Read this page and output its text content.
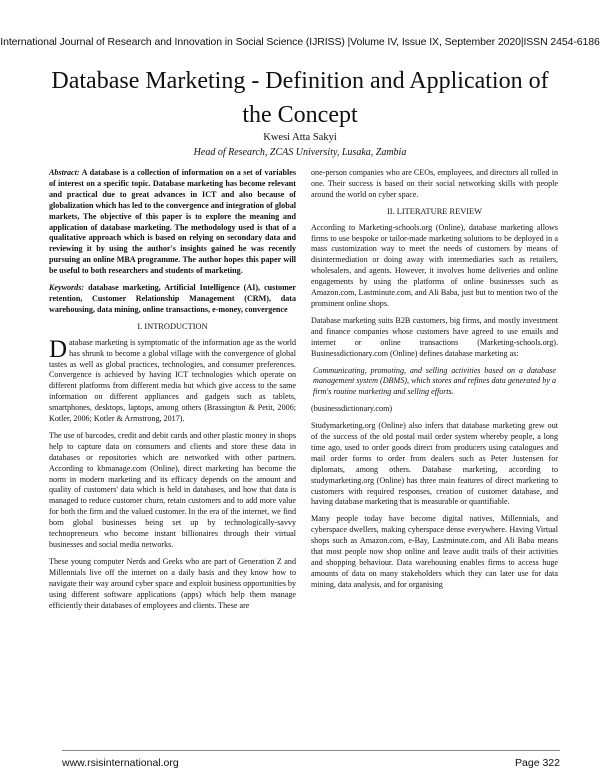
International Journal of Research and Innovation in Social Science (IJRISS) |Volume IV, Issue IX, September 2020|ISSN 2454-6186
Database Marketing - Definition and Application of the Concept
Kwesi Atta Sakyi
Head of Research, ZCAS University, Lusaka, Zambia

Abstract: A database is a collection of information on a set of variables of interest on a specific topic. Database marketing has become relevant and practical due to great advances in ICT and also because of globalization which has led to the convergence and integration of global markets, The objective of this paper is to explore the meaning and application of database marketing. The methodology used is that of a qualitative approach which is based on relying on secondary data and reviewing it by using the author's insights gained he was recently pursuing an online MBA programme. The author hopes this paper will be useful to both researchers and students of marketing.

Keywords: database marketing, Artificial Intelligence (AI), customer retention, Customer Relationship Management (CRM), data warehousing, data mining, online transactions, e-money, convergence

I. INTRODUCTION

Database marketing is symptomatic of the information age as the world has shrunk to become a global village with the convergence of global tastes as well as global practices, technologies, and consumer preferences. Convergence is achieved by having ICT technologies which operate on different platforms from different media but which give access to the same information on different appliances and gadgets such as tablets, smartphones, desktops, laptops, among others (Brassington & Petit, 2006; Kotler, 2006; Kotler & Armstrong, 2017).

The use of barcodes, credit and debit cards and other plastic money in shops help to capture data on consumers and clients and store these data in databases or repositories which are networked with other partners. According to kbmanage.com (Online), direct marketing has become the norm in modern marketing and its efficacy depends on the amount and quality of customers' data which is held in databases, and how that data is managed to reduce customer churn, retain customers and to add more value for both the firm and the valued customer. In the era of the internet, we find born global businesses being set up by technologically-savvy technopreneurs who become instant billionaires through their virtual businesses and social media networks.

These young computer Nerds and Geeks who are part of Generation Z and Millennials live off the internet on a daily basis and they know how to navigate their way around cyber space and exploit business opportunities by using different software applications (apps) which help them manage efficiently their databases of employees and clients. These are

one-person companies who are CEOs, employees, and directors all rolled in one. Their success is based on their social networking skills with people around the world on cyber space.

II. LITERATURE REVIEW

According to Marketing-schools.org (Online), database marketing allows firms to use bespoke or tailor-made marketing solutions to be deployed in a mass customization way to meet the needs of customers by means of disintermediation or doing away with intermediaries such as retailers, wholesalers, and agents. However, it involves home deliveries and online engagements by using the platforms of online businesses such as Amazon.com, Lastminute.com, and Ali Baba, just but to mention two of the prominent online shops.

Database marketing suits B2B customers, big firms, and mostly investment and finance companies whose customers have agreed to use emails and internet or online transactions (Marketing-schools.org). Businessdictionary.com (Online) defines database marketing as:

Communicating, promoting, and selling activities based on a database management system (DBMS), which stores and refines data generated by a firm's routine marketing and selling efforts.

(businessdictionary.com)

Studymarketing.org (Online) also infers that database marketing grew out of the success of the old postal mail order system whereby people, a long time ago, used to order goods direct from producers using catalogues and mail order forms to order from dealers such as Peter Justensen for diplomats, among others. Database marketing, according to studymarketing.org (Online) has three main features of direct marketing to customers with required responses, creation of customer database, and having database marketing that is measurable or quantifiable.

Many people today have become digital natives, Millennials, and cyberspace dwellers, making cyberspace dense everywhere. Having Virtual shops such as Amazon.com, e-Bay, Lastminute.com, and Ali Baba means that most people now shop online and leave audit trails of their activities and shopping behaviour. Data warehousing enables firms to access huge amounts of data on many stakeholders which they can later use for data mining, data analysis, and for organising

www.rsisinternational.org	Page 322
